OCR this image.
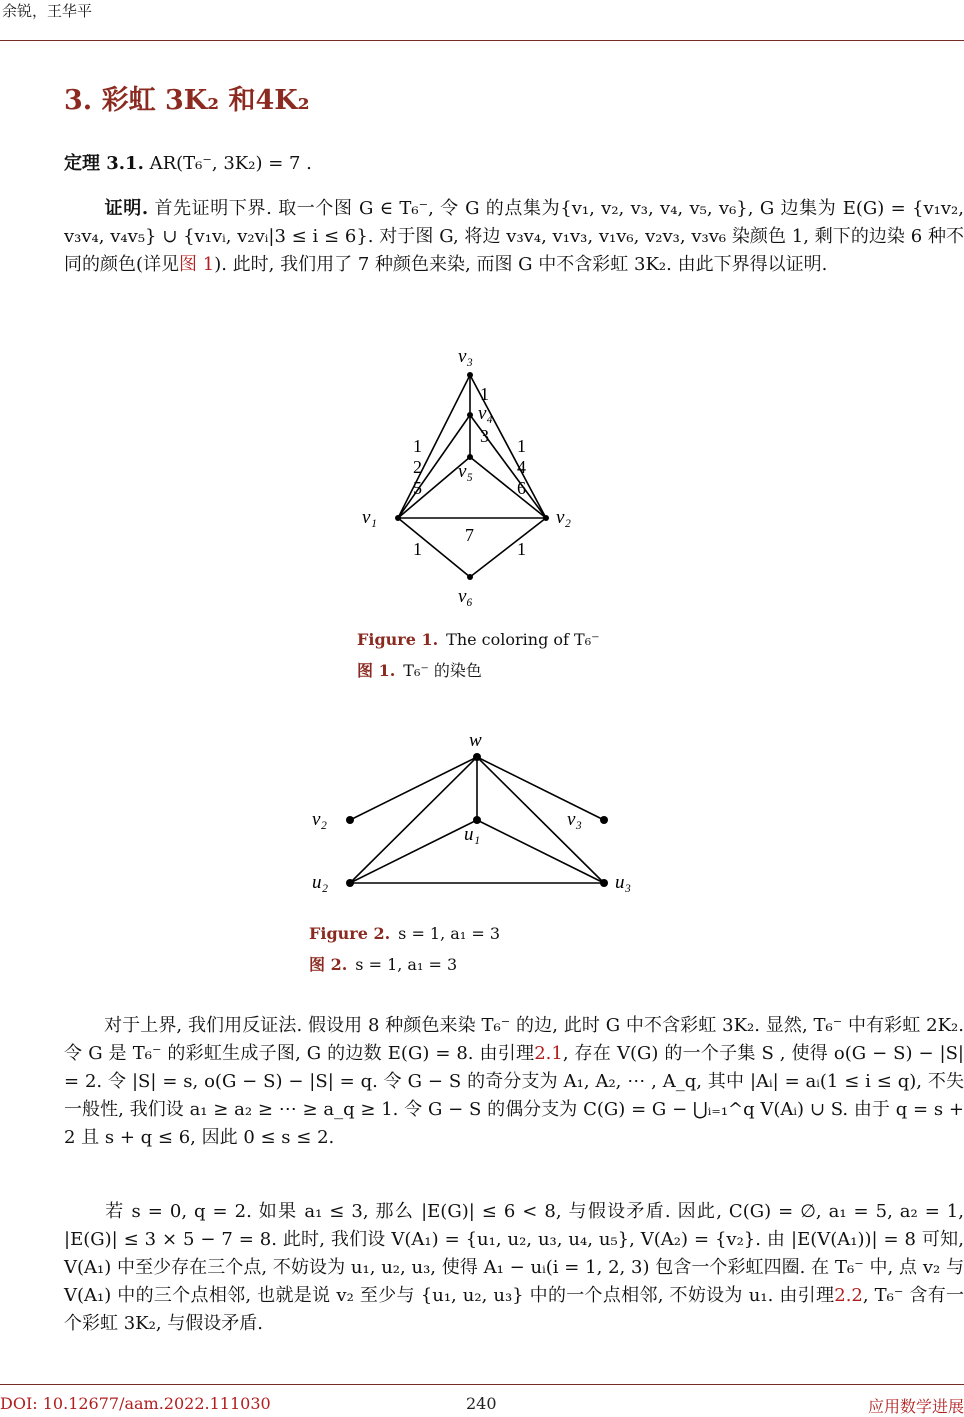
余锐，王华平
3. 彩虹 3K₂ 和4K₂

定理 3.1. AR(T₆⁻, 3K₂) = 7 .

证明. 首先证明下界. 取一个图 G ∈ T₆⁻, 令 G 的点集为{v₁, v₂, v₃, v₄, v₅, v₆}, G 边集为 E(G) = {v₁v₂, v₃v₄, v₄v₅} ∪ {v₁vᵢ, v₂vᵢ|3 ≤ i ≤ 6}. 对于图 G, 将边 v₃v₄, v₁v₃, v₁v₆, v₂v₃, v₃v₆ 染颜色 1, 剩下的边染 6 种不同的颜色(详见图 1). 此时, 我们用了 7 种颜色来染, 而图 G 中不含彩虹 3K₂. 由此下界得以证明.

v₃
v₄
v₅
v₁	v₂
v₆
1
3
1
2
5
1
4
6
7
1	1
Figure 1. The coloring of T₆⁻
图 1. T₆⁻ 的染色
w
v₂	v₃
u₁
u₂	u₃
Figure 2. s = 1, a₁ = 3
图 2. s = 1, a₁ = 3

对于上界, 我们用反证法. 假设用 8 种颜色来染 T₆⁻ 的边, 此时 G 中不含彩虹 3K₂. 显然, T₆⁻ 中有彩虹 2K₂. 令 G 是 T₆⁻ 的彩虹生成子图, G 的边数 E(G) = 8. 由引理2.1, 存在 V(G) 的一个子集 S , 使得 o(G − S) − |S| = 2. 令 |S| = s, o(G − S) − |S| = q. 令 G − S 的奇分支为 A₁, A₂, ⋯ , A_q, 其中 |Aᵢ| = aᵢ(1 ≤ i ≤ q), 不失一般性, 我们设 a₁ ≥ a₂ ≥ ⋯ ≥ a_q ≥ 1. 令 G − S 的偶分支为 C(G) = G − ⋃ᵢ₌₁^q V(Aᵢ) ∪ S. 由于 q = s + 2 且 s + q ≤ 6, 因此 0 ≤ s ≤ 2.

若 s = 0, q = 2. 如果 a₁ ≤ 3, 那么 |E(G)| ≤ 6 < 8, 与假设矛盾. 因此, C(G) = ∅, a₁ = 5, a₂ = 1, |E(G)| ≤ 3 × 5 − 7 = 8. 此时, 我们设 V(A₁) = {u₁, u₂, u₃, u₄, u₅}, V(A₂) = {v₂}. 由 |E(V(A₁))| = 8 可知, V(A₁) 中至少存在三个点, 不妨设为 u₁, u₂, u₃, 使得 A₁ − uᵢ(i = 1, 2, 3) 包含一个彩虹四圈. 在 T₆⁻ 中, 点 v₂ 与 V(A₁) 中的三个点相邻, 也就是说 v₂ 至少与 {u₁, u₂, u₃} 中的一个点相邻, 不妨设为 u₁. 由引理2.2, T₆⁻ 含有一个彩虹 3K₂, 与假设矛盾.

DOI: 10.12677/aam.2022.111030	240	应用数学进展
